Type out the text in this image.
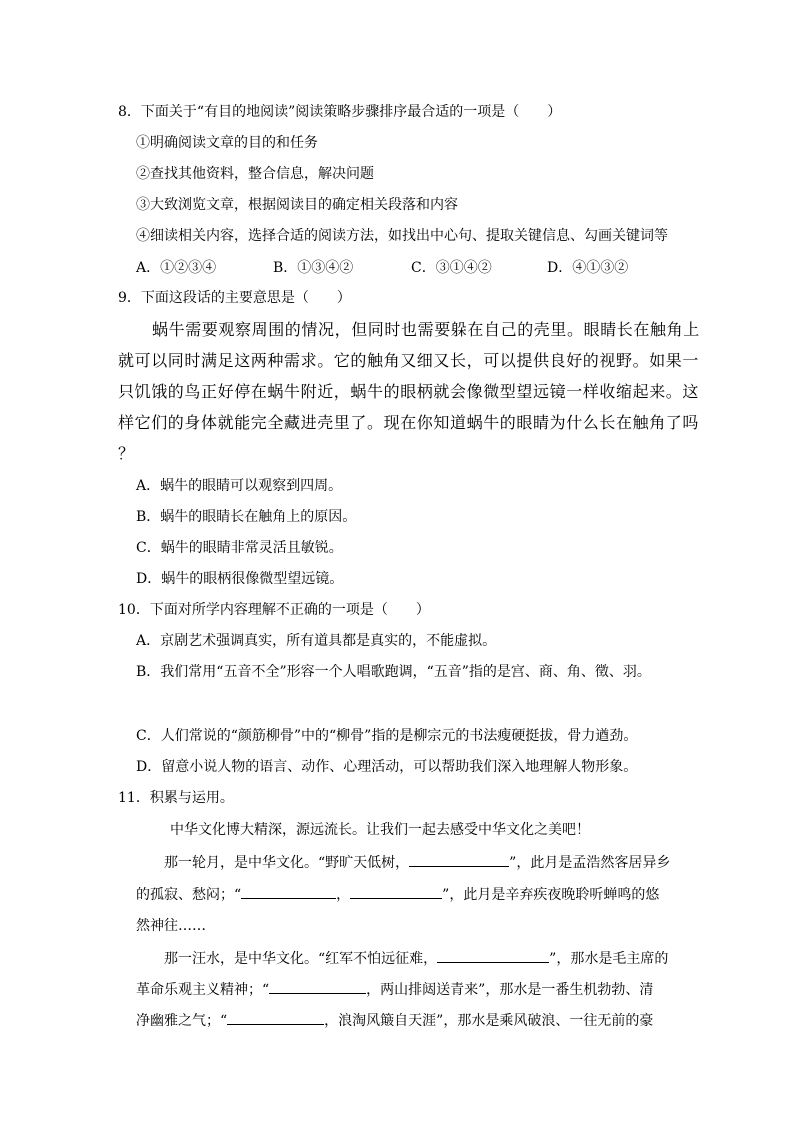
8．下面关于“有目的地阅读”阅读策略步骤排序最合适的一项是（　　）
①明确阅读文章的目的和任务
②查找其他资料，整合信息，解决问题
③大致浏览文章，根据阅读目的确定相关段落和内容
④细读相关内容，选择合适的阅读方法，如找出中心句、提取关键信息、勾画关键词等
A．①②③④	B．①③④②	C．③①④②	D．④①③②
9．下面这段话的主要意思是（　　）
蜗牛需要观察周围的情况，但同时也需要躲在自己的壳里。眼睛长在触角上
就可以同时满足这两种需求。它的触角又细又长，可以提供良好的视野。如果一
只饥饿的鸟正好停在蜗牛附近，蜗牛的眼柄就会像微型望远镜一样收缩起来。这
样它们的身体就能完全藏进壳里了。现在你知道蜗牛的眼睛为什么长在触角了吗
？
A．蜗牛的眼睛可以观察到四周。
B．蜗牛的眼睛长在触角上的原因。
C．蜗牛的眼睛非常灵活且敏锐。
D．蜗牛的眼柄很像微型望远镜。
10．下面对所学内容理解不正确的一项是（　　）
A．京剧艺术强调真实，所有道具都是真实的，不能虚拟。
B．我们常用“五音不全”形容一个人唱歌跑调，“五音”指的是宫、商、角、徵、羽。
C．人们常说的“颜筋柳骨”中的“柳骨”指的是柳宗元的书法瘦硬挺拔，骨力遒劲。
D．留意小说人物的语言、动作、心理活动，可以帮助我们深入地理解人物形象。
11．积累与运用。
中华文化博大精深，源远流长。让我们一起去感受中华文化之美吧！
那一轮月，是中华文化。“野旷天低树，	”，此月是孟浩然客居异乡
的孤寂、愁闷；“	，	”，此月是辛弃疾夜晚聆听蝉鸣的悠
然神往……
那一汪水，是中华文化。“红军不怕远征难，	”，那水是毛主席的
革命乐观主义精神；“	，两山排闼送青来”，那水是一番生机勃勃、清
净幽雅之气；“	，浪淘风簸自天涯”，那水是乘风破浪、一往无前的豪
